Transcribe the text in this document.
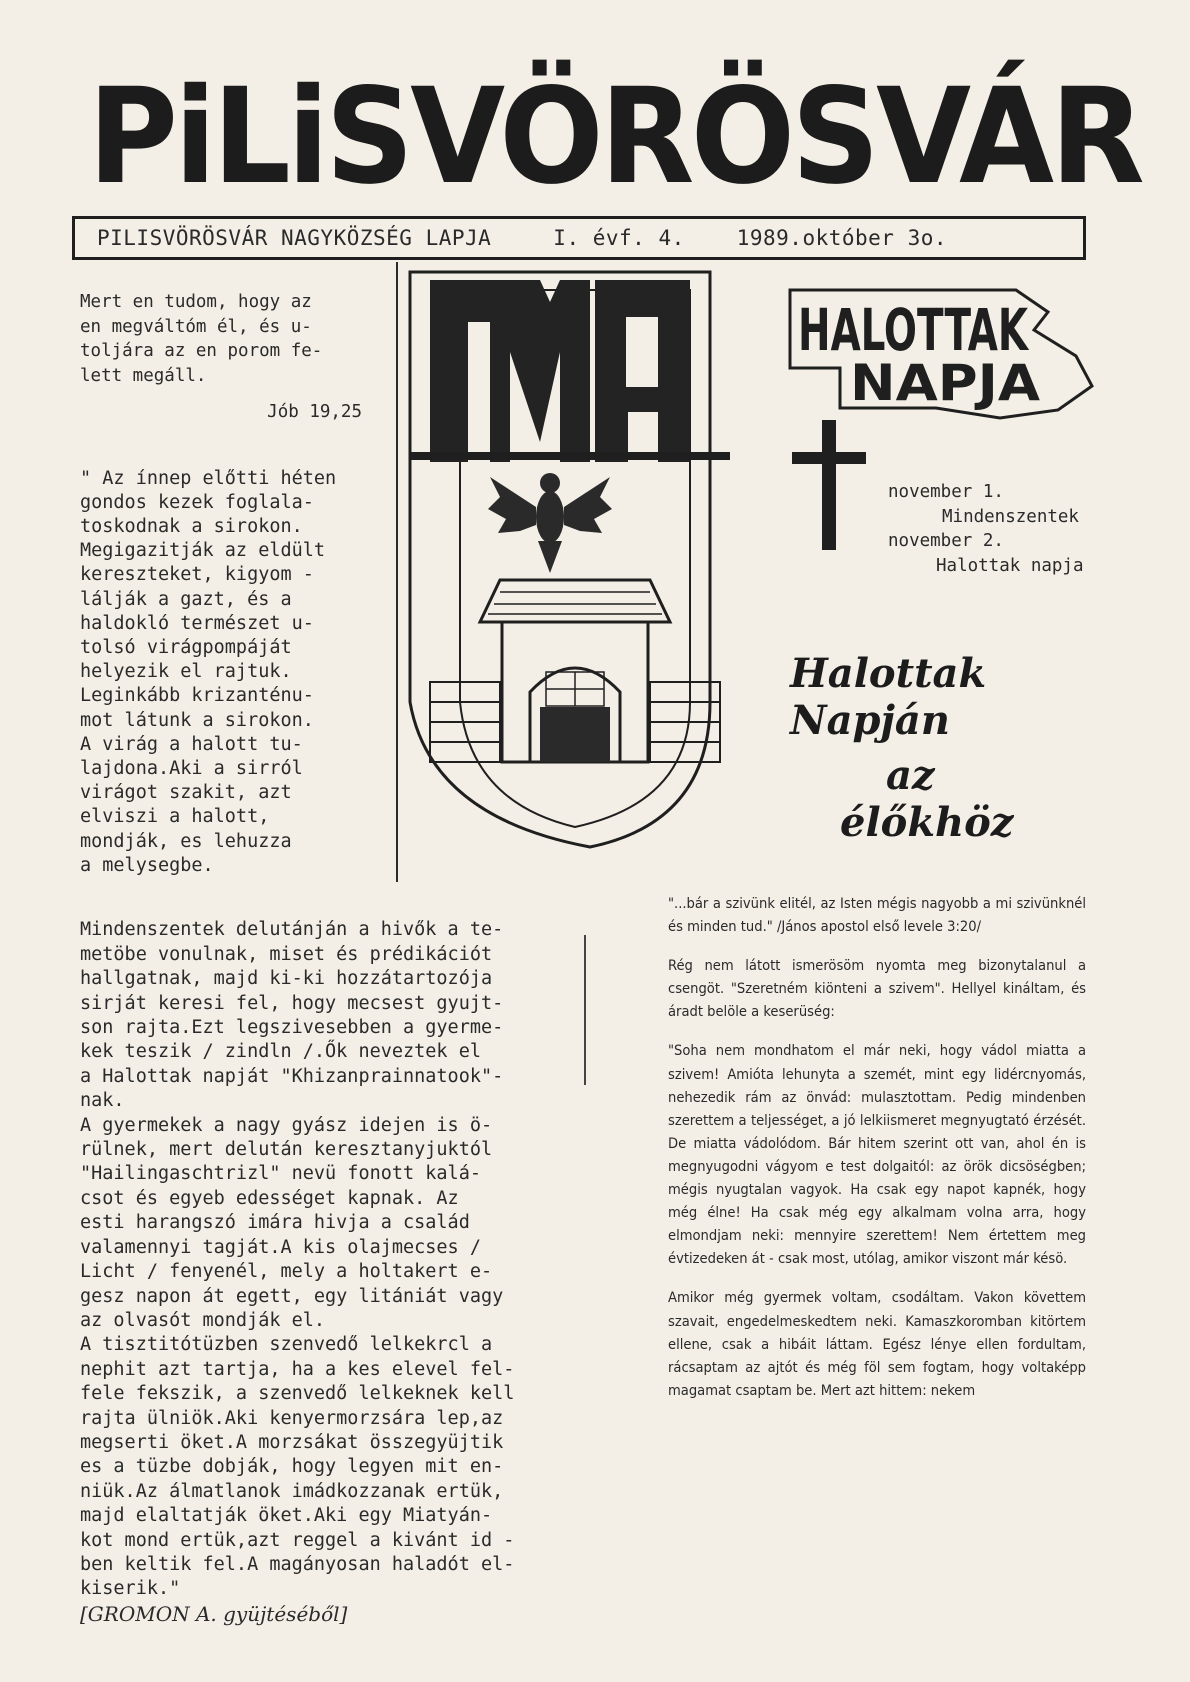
PiLiSVÖRÖSVÁR
PILISVÖRÖSVÁR NAGYKÖZSÉG LAPJA	I. évf. 4. 1989.október 3o.

Mert en tudom, hogy az
en megváltóm él, és u-
toljára az en porom fe-
lett megáll.

Jób 19,25
" Az ínnep előtti héten
gondos kezek foglala-
toskodnak a sirokon.
Megigazitják az eldült
kereszteket, kigyom -
lálják a gazt, és a
haldokló természet u-
tolsó virágpompáját
helyezik el rajtuk.
Leginkább krizanténu-
mot látunk a sirokon.
A virág a halott tu-
lajdona.Aki a sirról
virágot szakit, azt
elviszi a halott,
mondják, es lehuzza
a melysegbe.

Mindenszentek delutánján a hivők a te-
metöbe vonulnak, miset és prédikációt
hallgatnak, majd ki-ki hozzátartozója
sirját keresi fel, hogy mecsest gyujt-
son rajta.Ezt legszivesebben a gyerme-
kek teszik / zindln /.Ők neveztek el
a Halottak napját "Khizanprainnatook"-
nak.
A gyermekek a nagy gyász idejen is ö-
rülnek, mert delután keresztanyjuktól
"Hailingaschtrizl" nevü fonott kalá-
csot és egyeb edességet kapnak. Az
esti harangszó imára hivja a család
valamennyi tagját.A kis olajmecses /
Licht / fenyenél, mely a holtakert e-
gesz napon át egett, egy litániát vagy
az olvasót mondják el.
A tisztitótüzben szenvedő lelkekrcl a
nephit azt tartja, ha a kes elevel fel-
fele fekszik, a szenvedő lelkeknek kell
rajta ülniök.Aki kenyermorzsára lep,az
megserti öket.A morzsákat összegyüjtik
es a tüzbe dobják, hogy legyen mit en-
niük.Az álmatlanok imádkozzanak ertük,
majd elaltatják öket.Aki egy Miatyán-
kot mond ertük,azt reggel a kivánt id -
ben keltik fel.A magányosan haladót el-
kiserik."
[GROMON A. gyüjtéséből]

HALOTTAK
NAPJA

november 1.

Mindenszentek

november 2.

Halottak napja

Halottak Napján
az
élőkhöz

"...bár a szivünk elitél, az Isten mégis nagyobb a mi szivünknél és minden tud." /János apostol első levele 3:20/

Rég nem látott ismerösöm nyomta meg bizonytalanul a csengöt. "Szeretném kiönteni a szivem". Hellyel kináltam, és áradt belöle a keserüség:

"Soha nem mondhatom el már neki, hogy vádol miatta a szivem! Amióta lehunyta a szemét, mint egy lidércnyomás, nehezedik rám az önvád: mulasztottam. Pedig mindenben szerettem a teljességet, a jó lelkiismeret megnyugtató érzését. De miatta vádolódom. Bár hitem szerint ott van, ahol én is megnyugodni vágyom e test dolgaitól: az örök dicsöségben; mégis nyugtalan vagyok. Ha csak egy napot kapnék, hogy még élne! Ha csak még egy alkalmam volna arra, hogy elmondjam neki: mennyire szerettem! Nem értettem meg évtizedeken át - csak most, utólag, amikor viszont már késö.

Amikor még gyermek voltam, csodáltam. Vakon követtem szavait, engedelmeskedtem neki. Kamaszkoromban kitörtem ellene, csak a hibáit láttam. Egész lénye ellen fordultam, rácsaptam az ajtót és még föl sem fogtam, hogy voltaképp magamat csaptam be. Mert azt hittem: nekem
